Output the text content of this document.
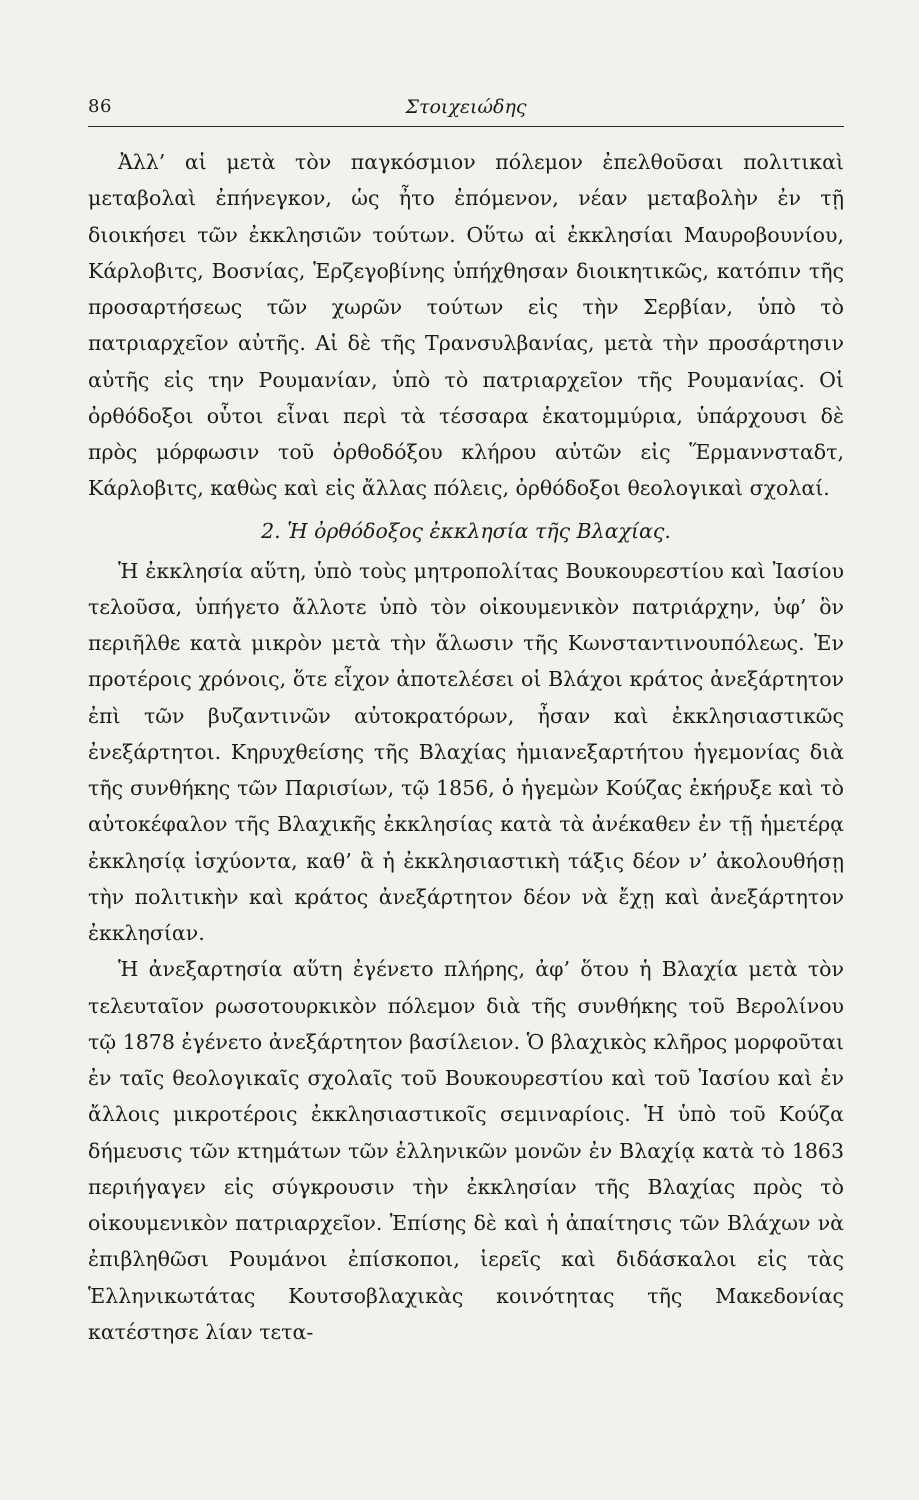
86	Στοιχειώδης

Ἀλλ’ αἱ μετὰ τὸν παγκόσμιον πόλεμον ἐπελθοῦσαι πολιτικαὶ μεταβολαὶ ἐπήνεγκον, ὡς ἦτο ἐπόμενον, νέαν μεταβολὴν ἐν τῇ διοικήσει τῶν ἐκκλησιῶν τούτων. Οὕτω αἱ ἐκκλησίαι Μαυροβουνίου, Κάρλοβιτς, Βοσνίας, Ἑρζεγοβίνης ὑπήχθησαν διοικητικῶς, κατόπιν τῆς προσαρτήσεως τῶν χωρῶν τούτων εἰς τὴν Σερβίαν, ὑπὸ τὸ πατριαρχεῖον αὐτῆς. Αἱ δὲ τῆς Τρανσυλβανίας, μετὰ τὴν προσάρτησιν αὐτῆς εἰς την Ρουμανίαν, ὑπὸ τὸ πατριαρχεῖον τῆς Ρουμανίας. Οἱ ὀρθόδοξοι οὗτοι εἶναι περὶ τὰ τέσσαρα ἑκατομμύρια, ὑπάρχουσι δὲ πρὸς μόρφωσιν τοῦ ὀρθοδόξου κλήρου αὐτῶν εἰς Ἕρμαννσταδτ, Κάρλοβιτς, καθὼς καὶ εἰς ἄλλας πόλεις, ὀρθόδοξοι θεολογικαὶ σχολαί.

2. Ἡ ὀρθόδοξος ἐκκλησία τῆς Βλαχίας.

Ἡ ἐκκλησία αὕτη, ὑπὸ τοὺς μητροπολίτας Βουκουρεστίου καὶ Ἰασίου τελοῦσα, ὑπήγετο ἄλλοτε ὑπὸ τὸν οἰκουμενικὸν πατριάρχην, ὑφ’ ὃν περιῆλθε κατὰ μικρὸν μετὰ τὴν ἅλωσιν τῆς Κωνσταντινουπόλεως. Ἐν προτέροις χρόνοις, ὅτε εἶχον ἀποτελέσει οἱ Βλάχοι κράτος ἀνεξάρτητον ἐπὶ τῶν βυζαντινῶν αὐτοκρατόρων, ἦσαν καὶ ἐκκλησιαστικῶς ἐνεξάρτητοι. Κηρυχθείσης τῆς Βλαχίας ἡμιανεξαρτήτου ἡγεμονίας διὰ τῆς συνθήκης τῶν Παρισίων, τῷ 1856, ὁ ἡγεμὼν Κούζας ἐκήρυξε καὶ τὸ αὐτοκέφαλον τῆς Βλαχικῆς ἐκκλησίας κατὰ τὰ ἀνέκαθεν ἐν τῇ ἡμετέρᾳ ἐκκλησίᾳ ἰσχύοντα, καθ’ ἃ ἡ ἐκκλησιαστικὴ τάξις δέον ν’ ἀκολουθήσῃ τὴν πολιτικὴν καὶ κράτος ἀνεξάρτητον δέον νὰ ἔχῃ καὶ ἀνεξάρτητον ἐκκλησίαν.

Ἡ ἀνεξαρτησία αὕτη ἐγένετο πλήρης, ἀφ’ ὅτου ἡ Βλαχία μετὰ τὸν τελευταῖον ρωσοτουρκικὸν πόλεμον διὰ τῆς συνθήκης τοῦ Βερολίνου τῷ 1878 ἐγένετο ἀνεξάρτητον βασίλειον. Ὁ βλαχικὸς κλῆρος μορφοῦται ἐν ταῖς θεολογικαῖς σχολαῖς τοῦ Βουκουρεστίου καὶ τοῦ Ἰασίου καὶ ἐν ἄλλοις μικροτέροις ἐκκλησιαστικοῖς σεμιναρίοις. Ἡ ὑπὸ τοῦ Κούζα δήμευσις τῶν κτημάτων τῶν ἑλληνικῶν μονῶν ἐν Βλαχίᾳ κατὰ τὸ 1863 περιήγαγεν εἰς σύγκρουσιν τὴν ἐκκλησίαν τῆς Βλαχίας πρὸς τὸ οἰκουμενικὸν πατριαρχεῖον. Ἐπίσης δὲ καὶ ἡ ἀπαίτησις τῶν Βλάχων νὰ ἐπιβληθῶσι Ρουμάνοι ἐπίσκοποι, ἱερεῖς καὶ διδάσκαλοι εἰς τὰς Ἑλληνικωτάτας Κουτσοβλαχικὰς κοινότητας τῆς Μακεδονίας κατέστησε λίαν τετα-
